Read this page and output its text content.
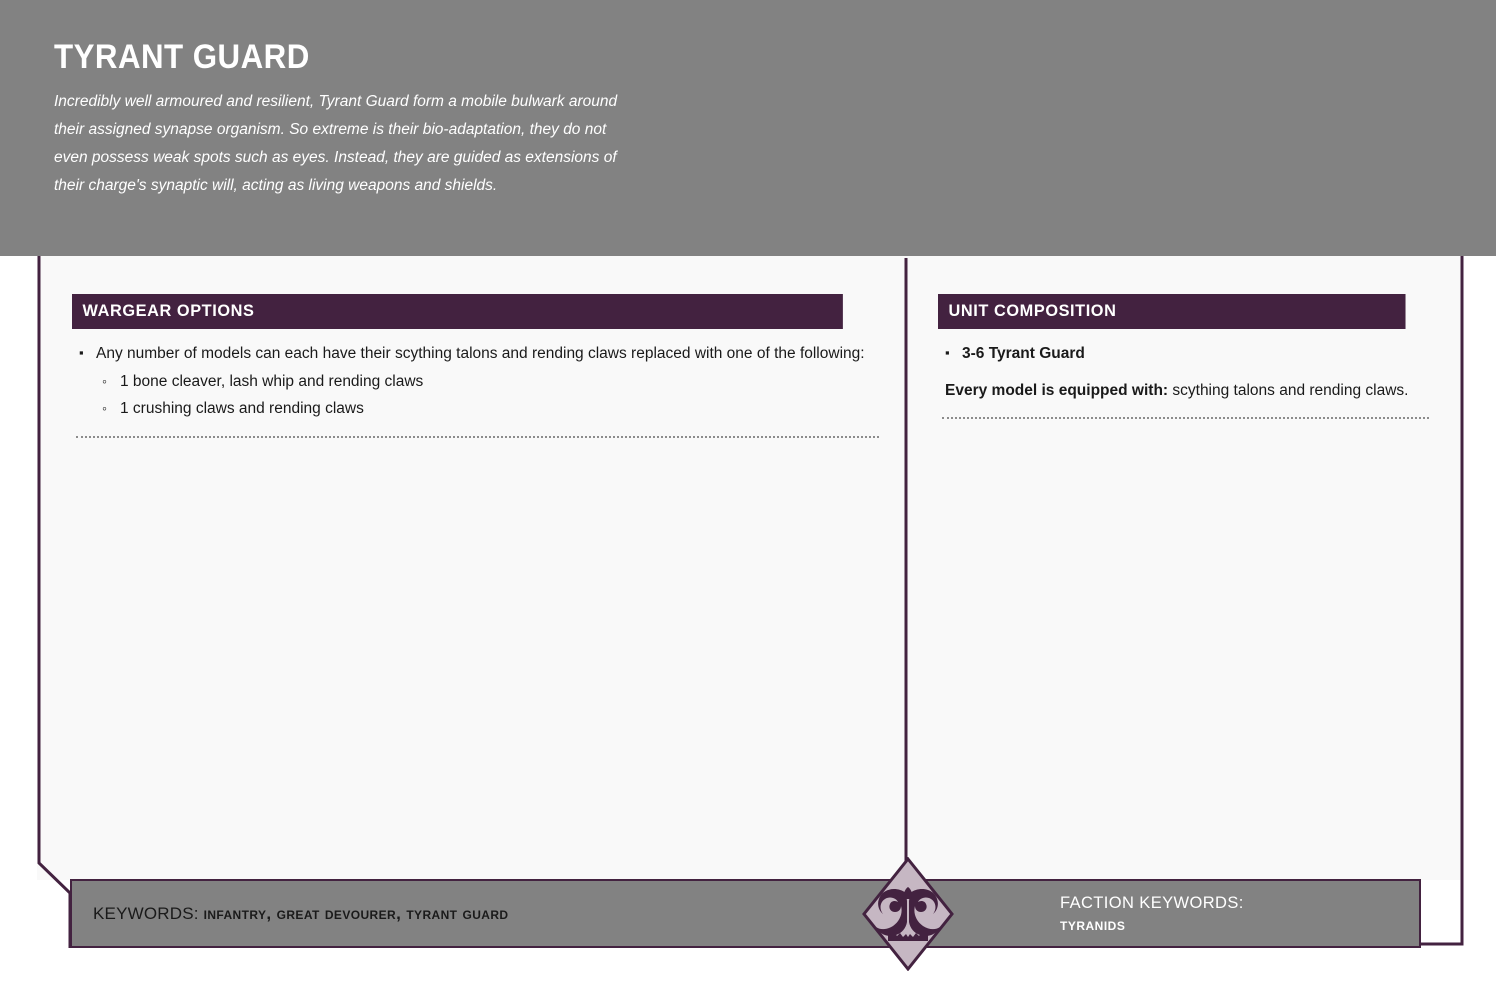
TYRANT GUARD

Incredibly well armoured and resilient, Tyrant Guard form a mobile bulwark around their assigned synapse organism. So extreme is their bio-adaptation, they do not even possess weak spots such as eyes. Instead, they are guided as extensions of their charge's synaptic will, acting as living weapons and shields.

WARGEAR OPTIONS
▪ Any number of models can each have their scything talons and rending claws replaced with one of the following:
◦ 1 bone cleaver, lash whip and rending claws
◦ 1 crushing claws and rending claws
UNIT COMPOSITION
▪ 3-6 Tyrant Guard

Every model is equipped with: scything talons and rending claws.

KEYWORDS: infantry, great devourer, tyrant guard
FACTION KEYWORDS:
tyranids
